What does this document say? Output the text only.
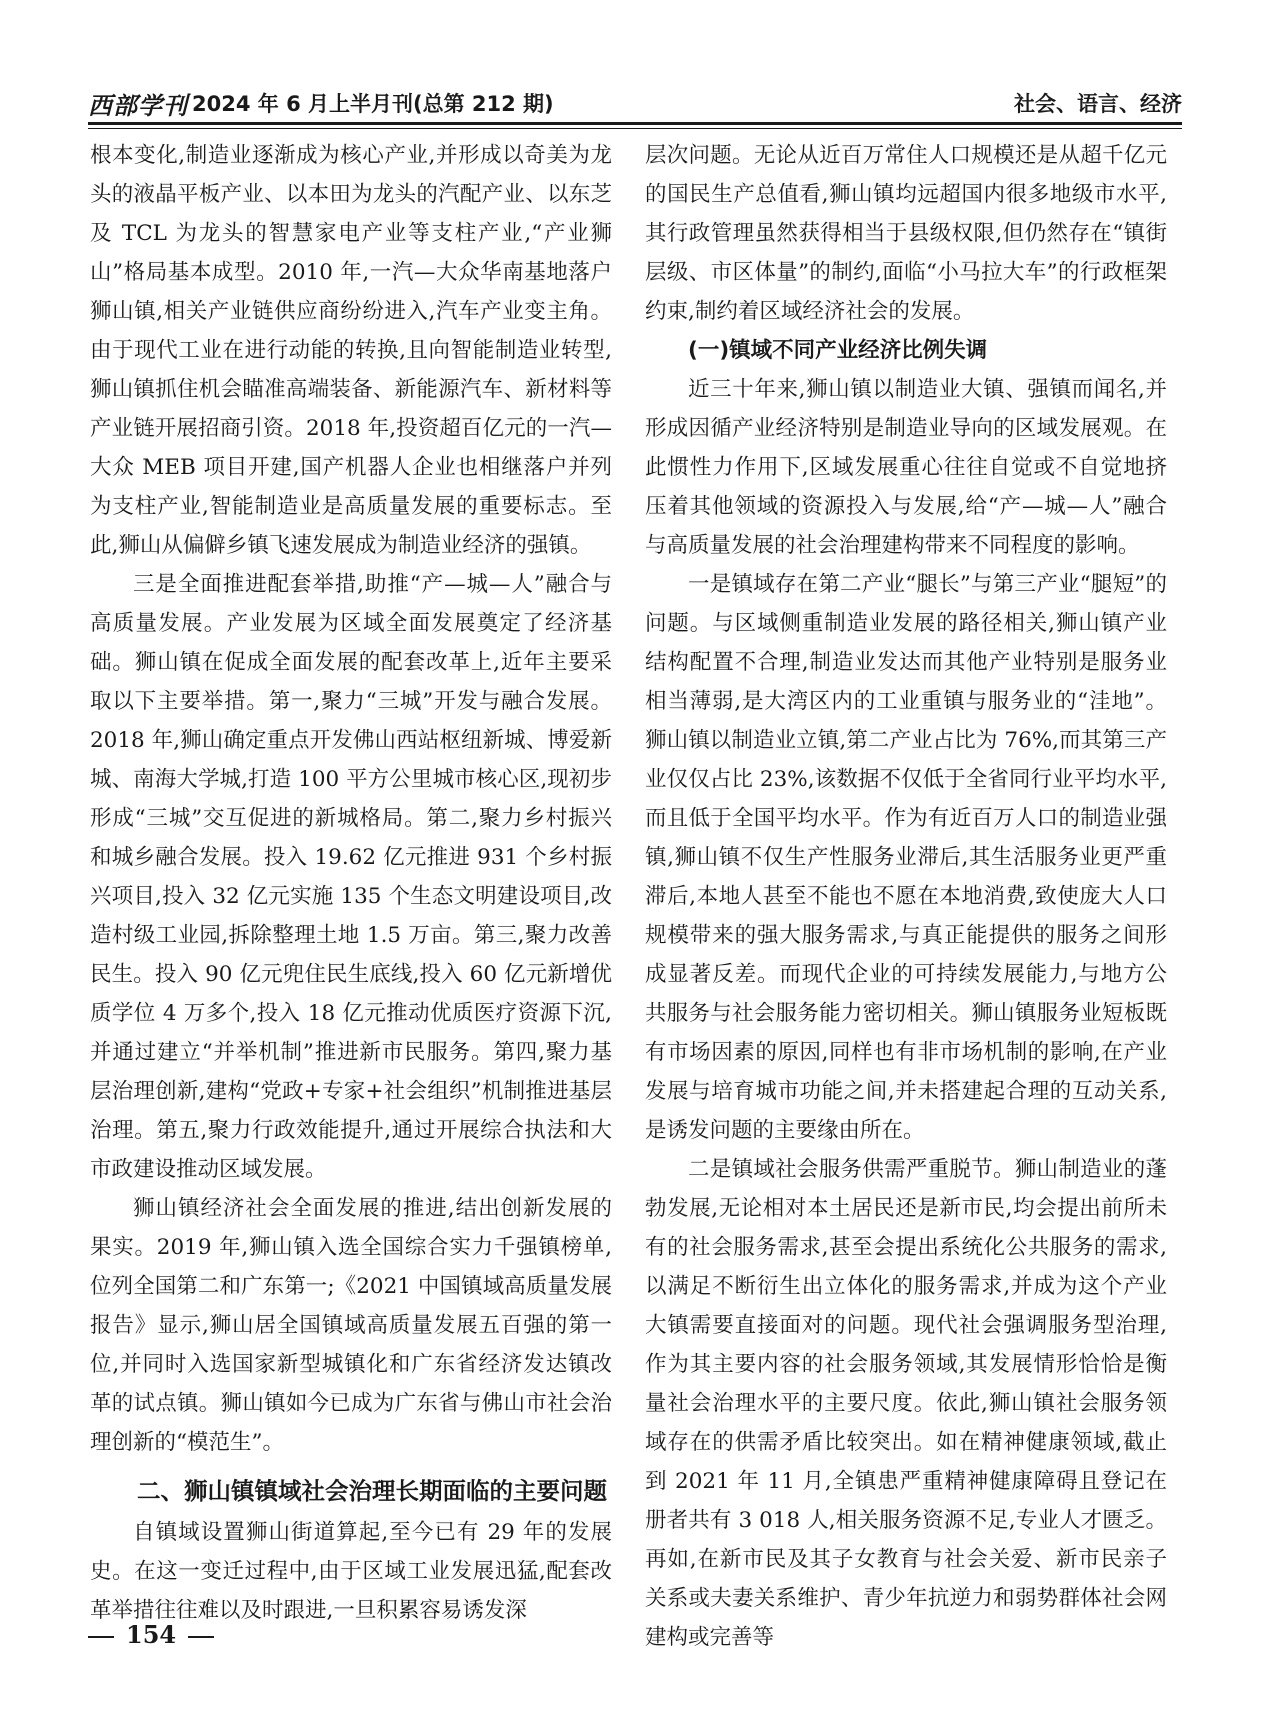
西部学刊 2024 年 6 月上半月刊(总第 212 期)	社会、语言、经济

根本变化,制造业逐渐成为核心产业,并形成以奇美为龙头的液晶平板产业、以本田为龙头的汽配产业、以东芝及 TCL 为龙头的智慧家电产业等支柱产业,“产业狮山”格局基本成型。2010 年,一汽—大众华南基地落户狮山镇,相关产业链供应商纷纷进入,汽车产业变主角。由于现代工业在进行动能的转换,且向智能制造业转型,狮山镇抓住机会瞄准高端装备、新能源汽车、新材料等产业链开展招商引资。2018 年,投资超百亿元的一汽—大众 MEB 项目开建,国产机器人企业也相继落户并列为支柱产业,智能制造业是高质量发展的重要标志。至此,狮山从偏僻乡镇飞速发展成为制造业经济的强镇。

三是全面推进配套举措,助推“产—城—人”融合与高质量发展。产业发展为区域全面发展奠定了经济基础。狮山镇在促成全面发展的配套改革上,近年主要采取以下主要举措。第一,聚力“三城”开发与融合发展。2018 年,狮山确定重点开发佛山西站枢纽新城、博爱新城、南海大学城,打造 100 平方公里城市核心区,现初步形成“三城”交互促进的新城格局。第二,聚力乡村振兴和城乡融合发展。投入 19.62 亿元推进 931 个乡村振兴项目,投入 32 亿元实施 135 个生态文明建设项目,改造村级工业园,拆除整理土地 1.5 万亩。第三,聚力改善民生。投入 90 亿元兜住民生底线,投入 60 亿元新增优质学位 4 万多个,投入 18 亿元推动优质医疗资源下沉,并通过建立“并举机制”推进新市民服务。第四,聚力基层治理创新,建构“党政+专家+社会组织”机制推进基层治理。第五,聚力行政效能提升,通过开展综合执法和大市政建设推动区域发展。

狮山镇经济社会全面发展的推进,结出创新发展的果实。2019 年,狮山镇入选全国综合实力千强镇榜单,位列全国第二和广东第一;《2021 中国镇域高质量发展报告》显示,狮山居全国镇域高质量发展五百强的第一位,并同时入选国家新型城镇化和广东省经济发达镇改革的试点镇。狮山镇如今已成为广东省与佛山市社会治理创新的“模范生”。

二、狮山镇镇域社会治理长期面临的主要问题

自镇域设置狮山街道算起,至今已有 29 年的发展史。在这一变迁过程中,由于区域工业发展迅猛,配套改革举措往往难以及时跟进,一旦积累容易诱发深

层次问题。无论从近百万常住人口规模还是从超千亿元的国民生产总值看,狮山镇均远超国内很多地级市水平,其行政管理虽然获得相当于县级权限,但仍然存在“镇街层级、市区体量”的制约,面临“小马拉大车”的行政框架约束,制约着区域经济社会的发展。

(一)镇域不同产业经济比例失调

近三十年来,狮山镇以制造业大镇、强镇而闻名,并形成因循产业经济特别是制造业导向的区域发展观。在此惯性力作用下,区域发展重心往往自觉或不自觉地挤压着其他领域的资源投入与发展,给“产—城—人”融合与高质量发展的社会治理建构带来不同程度的影响。

一是镇域存在第二产业“腿长”与第三产业“腿短”的问题。与区域侧重制造业发展的路径相关,狮山镇产业结构配置不合理,制造业发达而其他产业特别是服务业相当薄弱,是大湾区内的工业重镇与服务业的“洼地”。狮山镇以制造业立镇,第二产业占比为 76%,而其第三产业仅仅占比 23%,该数据不仅低于全省同行业平均水平,而且低于全国平均水平。作为有近百万人口的制造业强镇,狮山镇不仅生产性服务业滞后,其生活服务业更严重滞后,本地人甚至不能也不愿在本地消费,致使庞大人口规模带来的强大服务需求,与真正能提供的服务之间形成显著反差。而现代企业的可持续发展能力,与地方公共服务与社会服务能力密切相关。狮山镇服务业短板既有市场因素的原因,同样也有非市场机制的影响,在产业发展与培育城市功能之间,并未搭建起合理的互动关系,是诱发问题的主要缘由所在。

二是镇域社会服务供需严重脱节。狮山制造业的蓬勃发展,无论相对本土居民还是新市民,均会提出前所未有的社会服务需求,甚至会提出系统化公共服务的需求,以满足不断衍生出立体化的服务需求,并成为这个产业大镇需要直接面对的问题。现代社会强调服务型治理,作为其主要内容的社会服务领域,其发展情形恰恰是衡量社会治理水平的主要尺度。依此,狮山镇社会服务领域存在的供需矛盾比较突出。如在精神健康领域,截止到 2021 年 11 月,全镇患严重精神健康障碍且登记在册者共有 3 018 人,相关服务资源不足,专业人才匮乏。再如,在新市民及其子女教育与社会关爱、新市民亲子关系或夫妻关系维护、青少年抗逆力和弱势群体社会网建构或完善等

154
